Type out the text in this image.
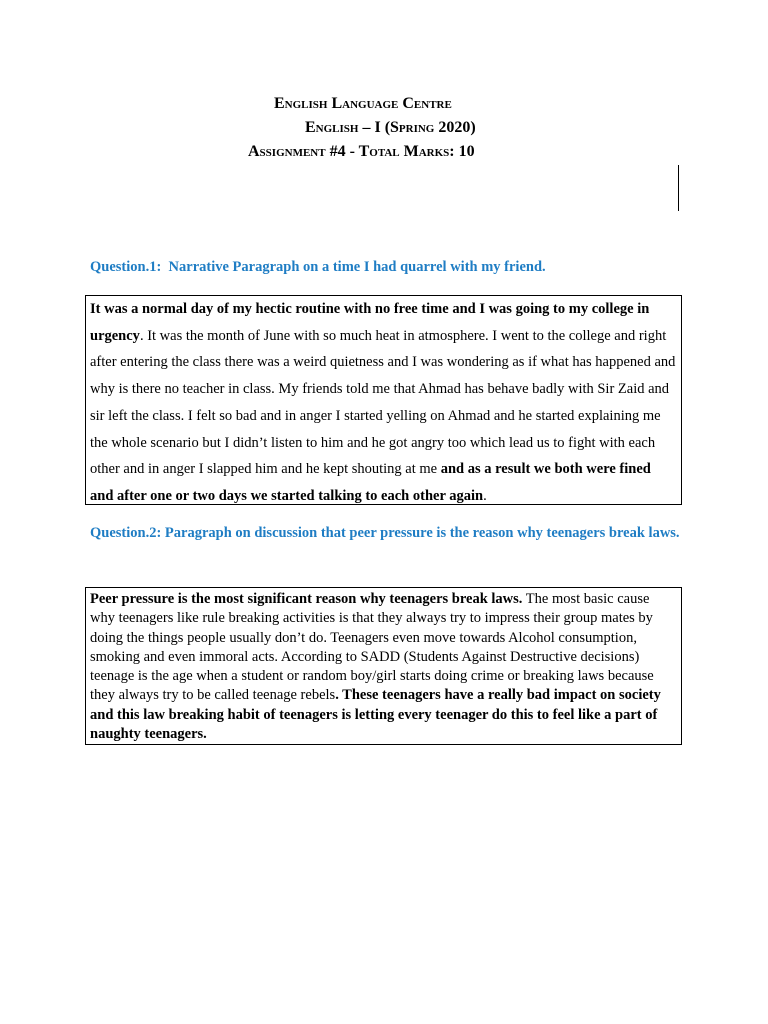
English Language Centre
English – I (Spring 2020)
Assignment #4 - Total Marks: 10
Question.1:  Narrative Paragraph on a time I had quarrel with my friend.

It was a normal day of my hectic routine with no free time and I was going to my college in urgency. It was the month of June with so much heat in atmosphere. I went to the college and right after entering the class there was a weird quietness and I was wondering as if what has happened and why is there no teacher in class. My friends told me that Ahmad has behave badly with Sir Zaid and sir left the class. I felt so bad and in anger I started yelling on Ahmad and he started explaining me the whole scenario but I didn’t listen to him and he got angry too which lead us to fight with each other and in anger I slapped him and he kept shouting at me and as a result we both were fined and after one or two days we started talking to each other again.

Question.2: Paragraph on discussion that peer pressure is the reason why teenagers break laws.

Peer pressure is the most significant reason why teenagers break laws. The most basic cause why teenagers like rule breaking activities is that they always try to impress their group mates by doing the things people usually don’t do. Teenagers even move towards Alcohol consumption, smoking and even immoral acts. According to SADD (Students Against Destructive decisions) teenage is the age when a student or random boy/girl starts doing crime or breaking laws because they always try to be called teenage rebels. These teenagers have a really bad impact on society and this law breaking habit of teenagers is letting every teenager do this to feel like a part of naughty teenagers.
